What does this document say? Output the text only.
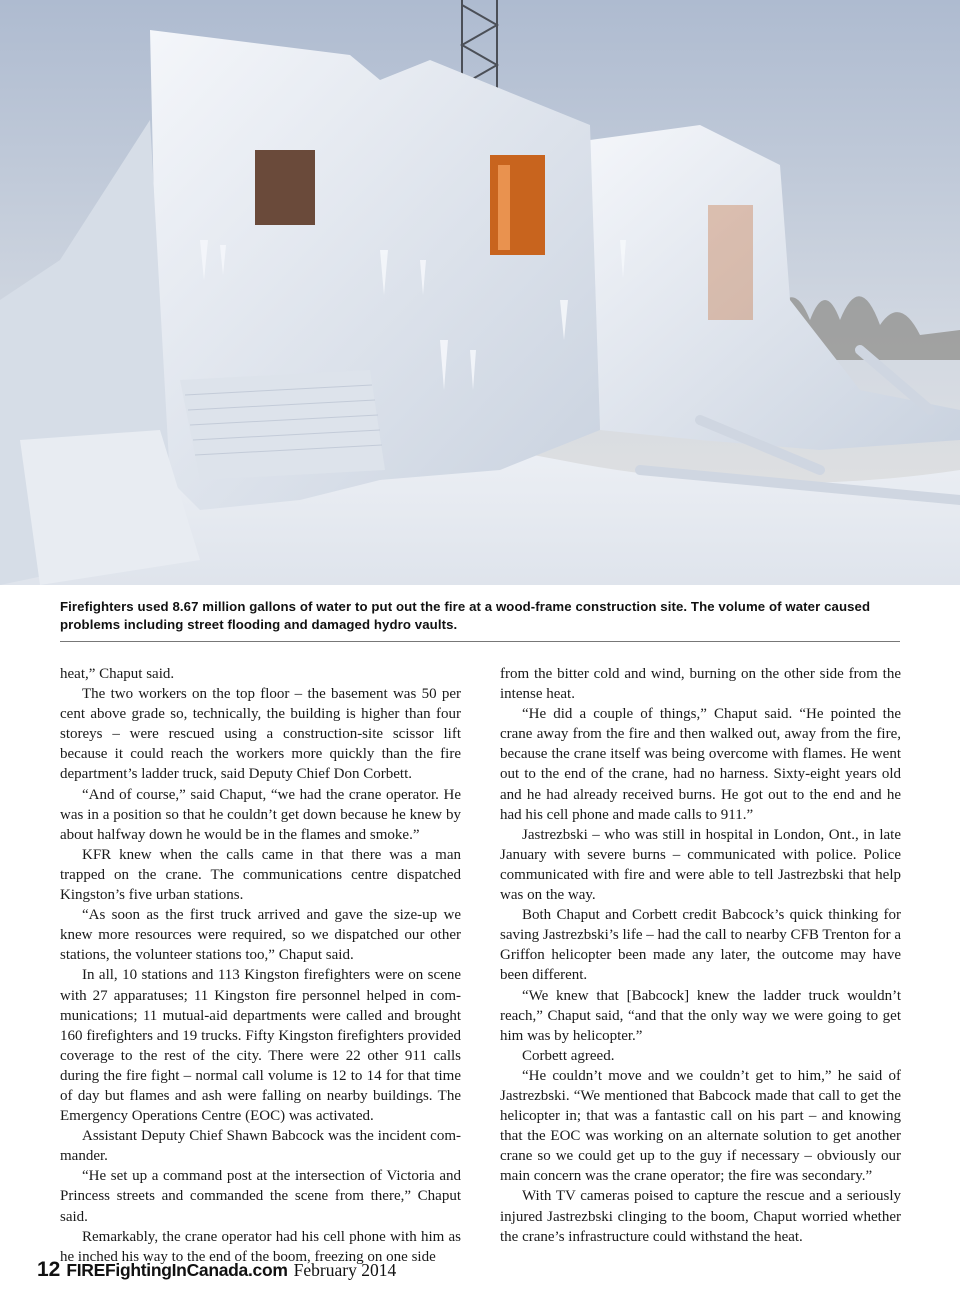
Firefighters used 8.67 million gallons of water to put out the fire at a wood-frame construction site. The volume of water caused problems including street flooding and damaged hydro vaults.

heat,” Chaput said.

The two workers on the top floor – the basement was 50 per cent above grade so, technically, the building is higher than four storeys – were rescued using a construction-site scissor lift because it could reach the workers more quickly than the fire department’s ladder truck, said Deputy Chief Don Corbett.

“And of course,” said Chaput, “we had the crane operator. He was in a position so that he couldn’t get down because he knew by about halfway down he would be in the flames and smoke.”

KFR knew when the calls came in that there was a man trapped on the crane. The communications centre dispatched Kingston’s five urban stations.

“As soon as the first truck arrived and gave the size-up we knew more resources were required, so we dispatched our other stations, the volunteer stations too,” Chaput said.

In all, 10 stations and 113 Kingston firefighters were on scene with 27 apparatuses; 11 Kingston fire personnel helped in communications; 11 mutual-aid departments were called and brought 160 firefighters and 19 trucks. Fifty Kingston firefighters provided coverage to the rest of the city. There were 22 other 911 calls during the fire fight – normal call volume is 12 to 14 for that time of day but flames and ash were falling on nearby buildings. The Emergency Operations Centre (EOC) was activated.

Assistant Deputy Chief Shawn Babcock was the incident commander.

“He set up a command post at the intersection of Victoria and Princess streets and commanded the scene from there,” Chaput said.

Remarkably, the crane operator had his cell phone with him as he inched his way to the end of the boom, freezing on one side

from the bitter cold and wind, burning on the other side from the intense heat.

“He did a couple of things,” Chaput said. “He pointed the crane away from the fire and then walked out, away from the fire, because the crane itself was being overcome with flames. He went out to the end of the crane, had no harness. Sixty-eight years old and he had already received burns. He got out to the end and he had his cell phone and made calls to 911.”

Jastrezbski – who was still in hospital in London, Ont., in late January with severe burns – communicated with police. Police communicated with fire and were able to tell Jastrezbski that help was on the way.

Both Chaput and Corbett credit Babcock’s quick thinking for saving Jastrezbski’s life – had the call to nearby CFB Trenton for a Griffon helicopter been made any later, the outcome may have been different.

“We knew that [Babcock] knew the ladder truck wouldn’t reach,” Chaput said, “and that the only way we were going to get him was by helicopter.”

Corbett agreed.

“He couldn’t move and we couldn’t get to him,” he said of Jastrezbski. “We mentioned that Babcock made that call to get the helicopter in; that was a fantastic call on his part – and knowing that the EOC was working on an alternate solution to get another crane so we could get up to the guy if necessary – obviously our main concern was the crane operator; the fire was secondary.”

With TV cameras poised to capture the rescue and a seriously injured Jastrezbski clinging to the boom, Chaput worried whether the crane’s infrastructure could withstand the heat.

12 FIREFightingInCanada.com February 2014
